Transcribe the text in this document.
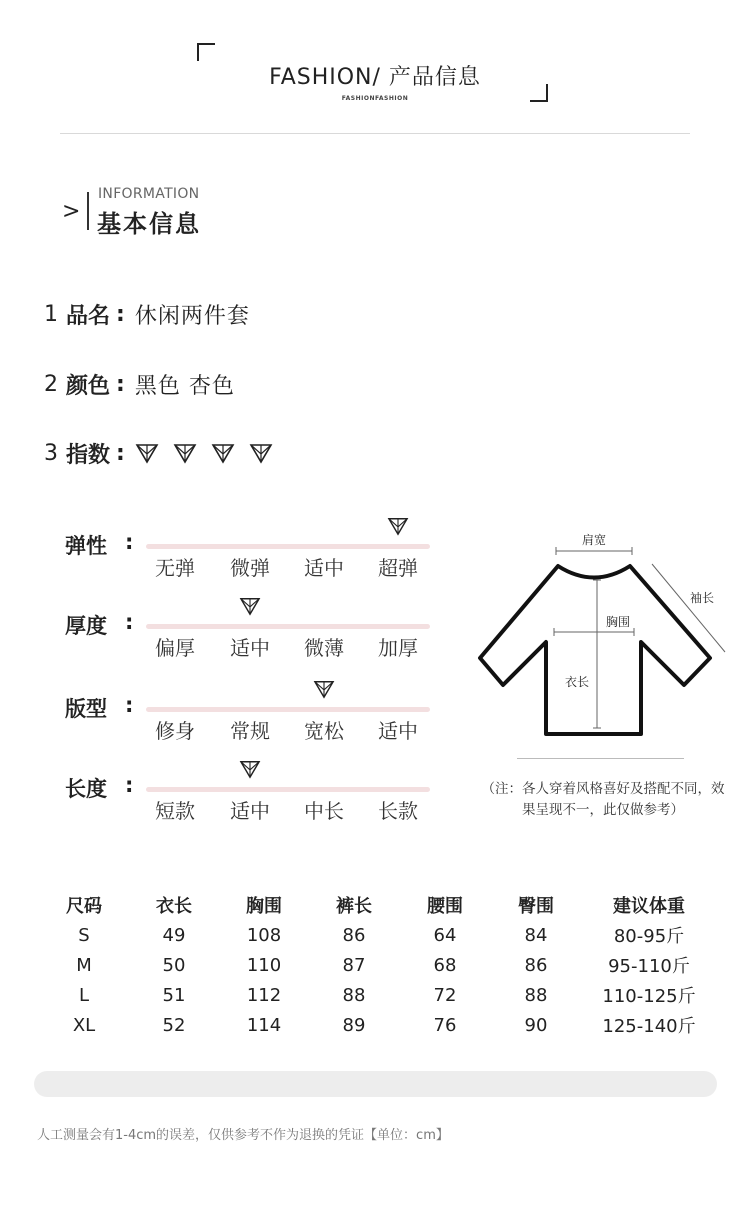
FASHION/ 产品信息
FASHIONFASHION
>
INFORMATION
基本信息
1 品名 : 休闲两件套
2 颜色 : 黑色 杏色
3 指数 :
弹性 :
无弹	微弹	适中	超弹
厚度 :
偏厚	适中	微薄	加厚
版型 :
修身	常规	宽松	适中
长度 :
短款	适中	中长	长款
肩宽
袖长
胸围
衣长
（注：各人穿着风格喜好及搭配不同，效果呈现不一，此仅做参考）
尺码	衣长	胸围	裤长	腰围	臀围	建议体重
S	49	108	86	64	84	80-95斤
M	50	110	87	68	86	95-110斤
L	51	112	88	72	88	110-125斤
XL	52	114	89	76	90	125-140斤
人工测量会有1-4cm的误差，仅供参考不作为退换的凭证【单位：cm】
